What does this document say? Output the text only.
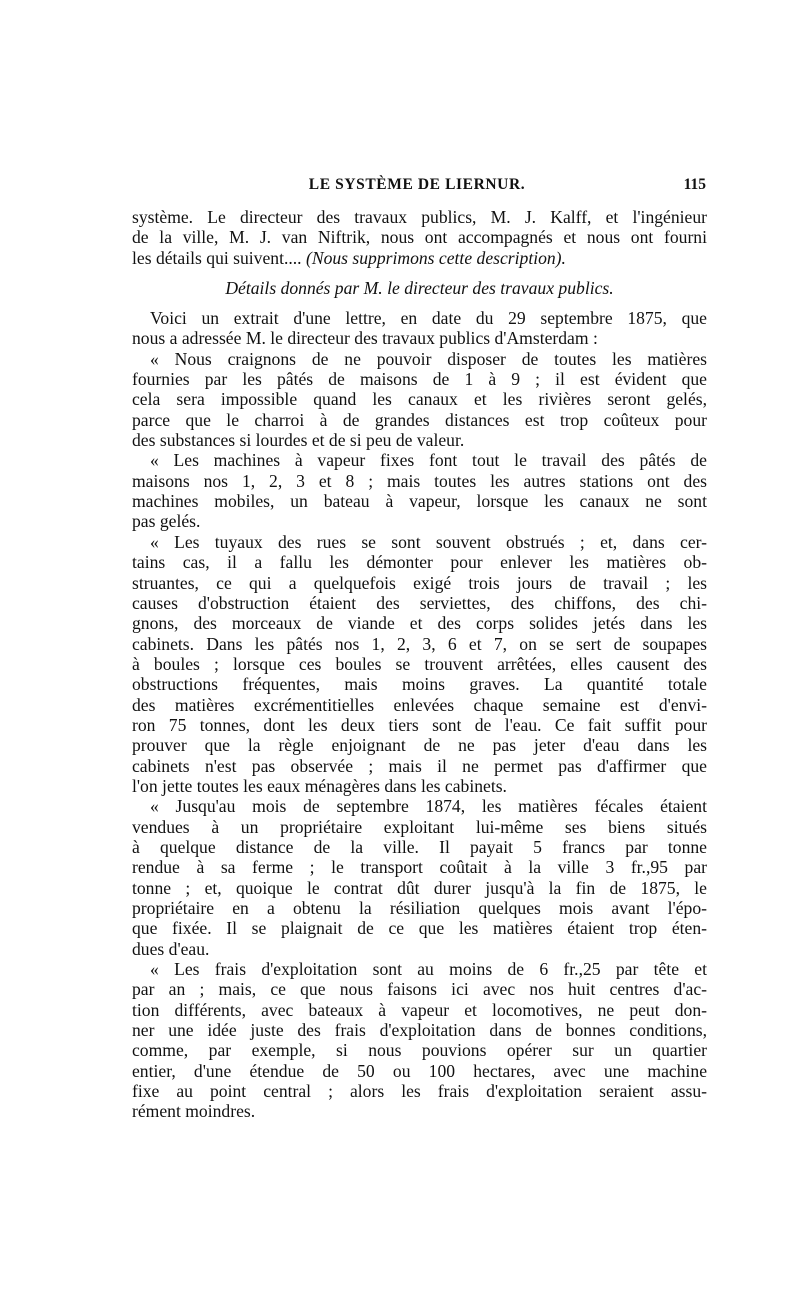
LE SYSTÈME DE LIERNUR.	115
système. Le directeur des travaux publics, M. J. Kalff, et l'ingénieur
de la ville, M. J. van Niftrik, nous ont accompagnés et nous ont fourni
les détails qui suivent.... (Nous supprimons cette description).
Détails donnés par M. le directeur des travaux publics.
Voici un extrait d'une lettre, en date du 29 septembre 1875, que
nous a adressée M. le directeur des travaux publics d'Amsterdam :
« Nous craignons de ne pouvoir disposer de toutes les matières
fournies par les pâtés de maisons de 1 à 9 ; il est évident que
cela sera impossible quand les canaux et les rivières seront gelés,
parce que le charroi à de grandes distances est trop coûteux pour
des substances si lourdes et de si peu de valeur.
« Les machines à vapeur fixes font tout le travail des pâtés de
maisons nos 1, 2, 3 et 8 ; mais toutes les autres stations ont des
machines mobiles, un bateau à vapeur, lorsque les canaux ne sont
pas gelés.
« Les tuyaux des rues se sont souvent obstrués ; et, dans cer-
tains cas, il a fallu les démonter pour enlever les matières ob-
struantes, ce qui a quelquefois exigé trois jours de travail ; les
causes d'obstruction étaient des serviettes, des chiffons, des chi-
gnons, des morceaux de viande et des corps solides jetés dans les
cabinets. Dans les pâtés nos 1, 2, 3, 6 et 7, on se sert de soupapes
à boules ; lorsque ces boules se trouvent arrêtées, elles causent des
obstructions fréquentes, mais moins graves. La quantité totale
des matières excrémentitielles enlevées chaque semaine est d'envi-
ron 75 tonnes, dont les deux tiers sont de l'eau. Ce fait suffit pour
prouver que la règle enjoignant de ne pas jeter d'eau dans les
cabinets n'est pas observée ; mais il ne permet pas d'affirmer que
l'on jette toutes les eaux ménagères dans les cabinets.
« Jusqu'au mois de septembre 1874, les matières fécales étaient
vendues à un propriétaire exploitant lui-même ses biens situés
à quelque distance de la ville. Il payait 5 francs par tonne
rendue à sa ferme ; le transport coûtait à la ville 3 fr.,95 par
tonne ; et, quoique le contrat dût durer jusqu'à la fin de 1875, le
propriétaire en a obtenu la résiliation quelques mois avant l'épo-
que fixée. Il se plaignait de ce que les matières étaient trop éten-
dues d'eau.
« Les frais d'exploitation sont au moins de 6 fr.,25 par tête et
par an ; mais, ce que nous faisons ici avec nos huit centres d'ac-
tion différents, avec bateaux à vapeur et locomotives, ne peut don-
ner une idée juste des frais d'exploitation dans de bonnes conditions,
comme, par exemple, si nous pouvions opérer sur un quartier
entier, d'une étendue de 50 ou 100 hectares, avec une machine
fixe au point central ; alors les frais d'exploitation seraient assu-
rément moindres.
